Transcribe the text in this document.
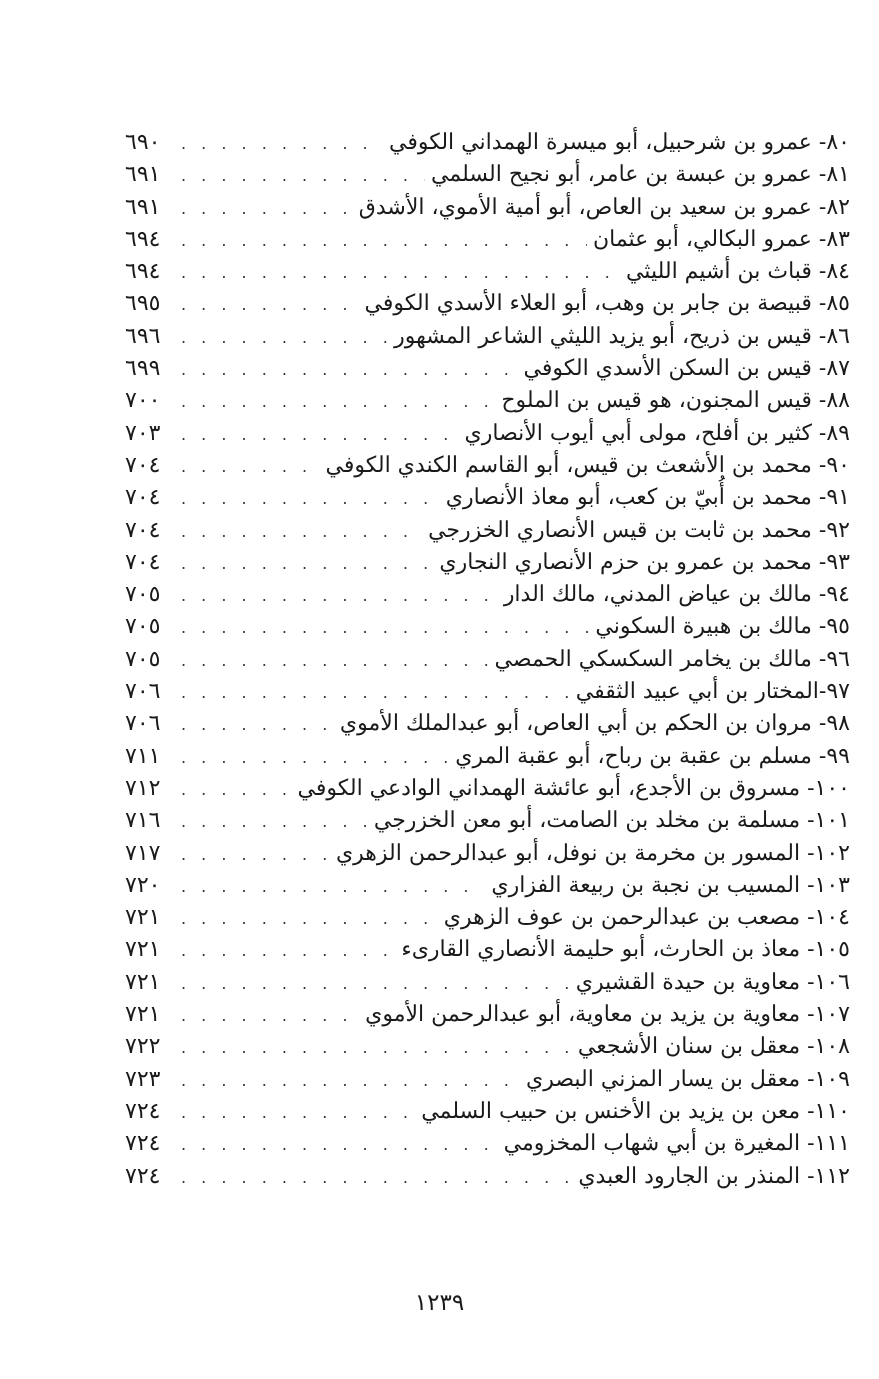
٨٠- عمرو بن شرحبيل، أبو ميسرة الهمداني الكوفي
. . .
٦٩٠
٨١- عمرو بن عبسة بن عامر، أبو نجيح السلمي
. . .
٦٩١
٨٢- عمرو بن سعيد بن العاص، أبو أمية الأموي، الأشدق
. . .
٦٩١
٨٣- عمرو البكالي، أبو عثمان
. . .
٦٩٤
٨٤- قباث بن أشيم الليثي
. . .
٦٩٤
٨٥- قبيصة بن جابر بن وهب، أبو العلاء الأسدي الكوفي
. . .
٦٩٥
٨٦- قيس بن ذريح، أبو يزيد الليثي الشاعر المشهور
. . .
٦٩٦
٨٧- قيس بن السكن الأسدي الكوفي
. . .
٦٩٩
٨٨- قيس المجنون، هو قيس بن الملوح
. . .
٧٠٠
٨٩- كثير بن أفلح، مولى أبي أيوب الأنصاري
. . .
٧٠٣
٩٠- محمد بن الأشعث بن قيس، أبو القاسم الكندي الكوفي
. . .
٧٠٤
٩١- محمد بن أُبيّ بن كعب، أبو معاذ الأنصاري
. . .
٧٠٤
٩٢- محمد بن ثابت بن قيس الأنصاري الخزرجي
. . .
٧٠٤
٩٣- محمد بن عمرو بن حزم الأنصاري النجاري
. . .
٧٠٤
٩٤- مالك بن عياض المدني، مالك الدار
. . .
٧٠٥
٩٥- مالك بن هبيرة السكوني
. . .
٧٠٥
٩٦- مالك بن يخامر السكسكي الحمصي
. . .
٧٠٥
٩٧-المختار بن أبي عبيد الثقفي
. . .
٧٠٦
٩٨- مروان بن الحكم بن أبي العاص، أبو عبدالملك الأموي
. . .
٧٠٦
٩٩- مسلم بن عقبة بن رباح، أبو عقبة المري
. . .
٧١١
١٠٠- مسروق بن الأجدع، أبو عائشة الهمداني الوادعي الكوفي
. . .
٧١٢
١٠١- مسلمة بن مخلد بن الصامت، أبو معن الخزرجي
. . .
٧١٦
١٠٢- المسور بن مخرمة بن نوفل، أبو عبدالرحمن الزهري
. . .
٧١٧
١٠٣- المسيب بن نجبة بن ربيعة الفزاري
. . .
٧٢٠
١٠٤- مصعب بن عبدالرحمن بن عوف الزهري
. . .
٧٢١
١٠٥- معاذ بن الحارث، أبو حليمة الأنصاري القارىء
. . .
٧٢١
١٠٦- معاوية بن حيدة القشيري
. . .
٧٢١
١٠٧- معاوية بن يزيد بن معاوية، أبو عبدالرحمن الأموي
. . .
٧٢١
١٠٨- معقل بن سنان الأشجعي
. . .
٧٢٢
١٠٩- معقل بن يسار المزني البصري
. . .
٧٢٣
١١٠- معن بن يزيد بن الأخنس بن حبيب السلمي
. . .
٧٢٤
١١١- المغيرة بن أبي شهاب المخزومي
. . .
٧٢٤
١١٢- المنذر بن الجارود العبدي
. . .
٧٢٤
١٢٣٩
